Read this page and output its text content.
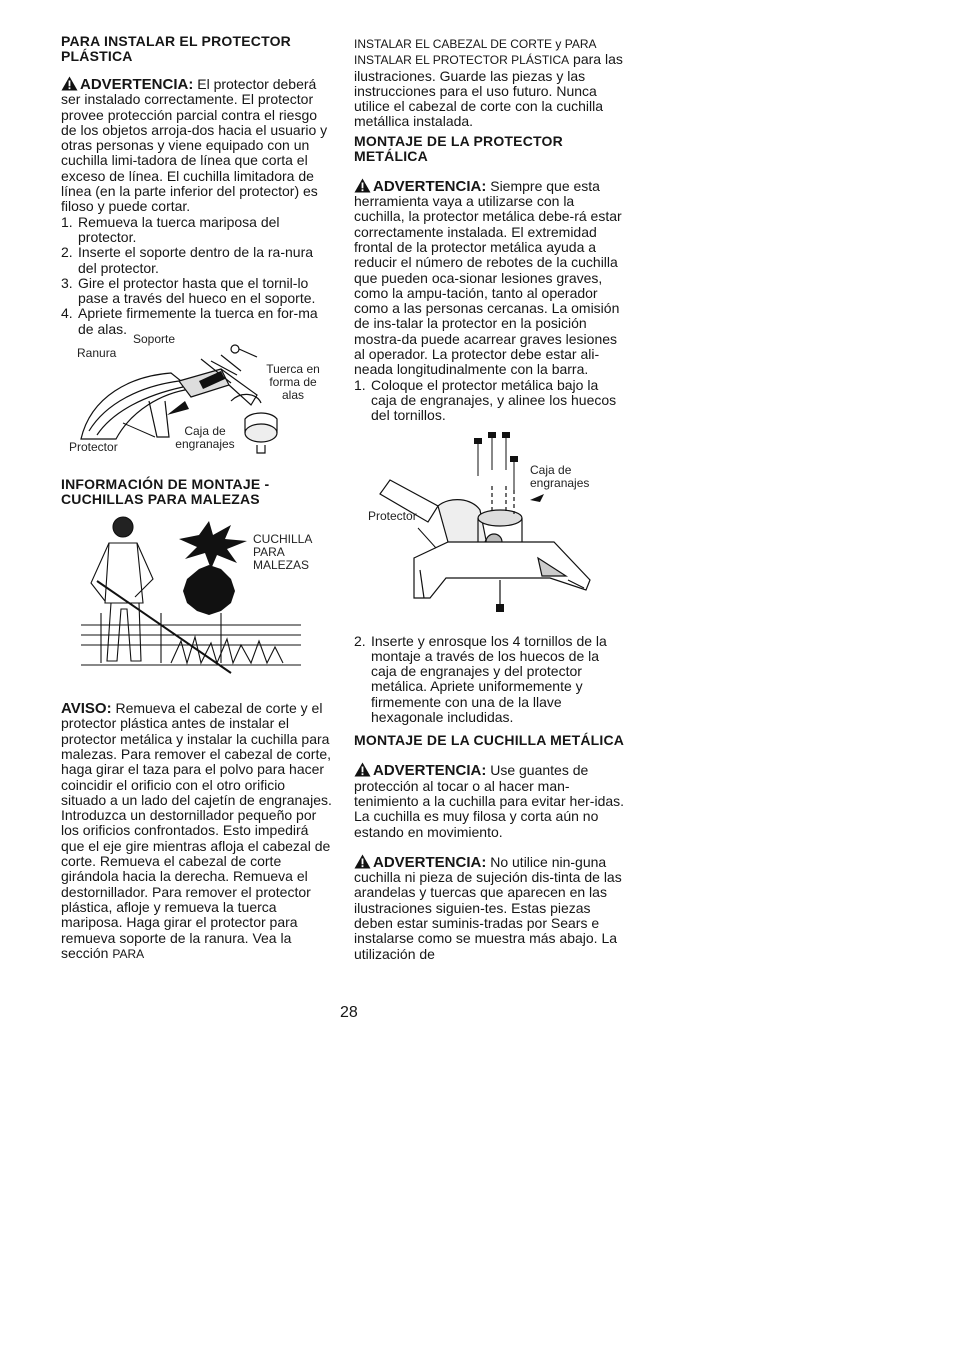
PARA INSTALAR EL PROTECTOR PLÁSTICA

ADVERTENCIA: El protector deberá ser instalado correctamente. El protector provee protección parcial contra el riesgo de los objetos arroja-dos hacia el usuario y otras personas y viene equipado con un cuchilla limi-tadora de línea que corta el exceso de línea. El cuchilla limitadora de línea (en la parte inferior del protector) es filoso y puede cortar.

1. Remueva la tuerca mariposa del protector.
2. Inserte el soporte dentro de la ra-nura del protector.
3. Gire el protector hasta que el tornil-lo pase a través del hueco en el soporte.
4. Apriete firmemente la tuerca en for-ma de alas.
Soporte
Ranura
Tuerca en forma de alas
Caja de engranajes
Protector
INFORMACIÓN DE MONTAJE - CUCHILLAS PARA MALEZAS
CUCHILLA PARA MALEZAS

AVISO: Remueva el cabezal de corte y el protector plástica antes de instalar el protector metálica y instalar la cuchilla para malezas. Para remover el cabezal de corte, haga girar el taza para el polvo para hacer coincidir el orificio con el otro orificio situado a un lado del cajetín de engranajes. Introduzca un destornillador pequeño por los orificios confrontados. Esto impedirá que el eje gire mientras afloja el cabezal de corte. Remueva el cabezal de corte girándola hacia la derecha. Remueva el destornillador. Para remover el protector plástica, afloje y remueva la tuerca mariposa. Haga girar el protector para remueva soporte de la ranura. Vea la sección PARA

INSTALAR EL CABEZAL DE CORTE y PARA INSTALAR EL PROTECTOR PLÁSTICA para las ilustraciones. Guarde las piezas y las instrucciones para el uso futuro. Nunca utilice el cabezal de corte con la cuchilla metállica instalada.

MONTAJE DE LA PROTECTOR METÁLICA

ADVERTENCIA: Siempre que esta herramienta vaya a utilizarse con la cuchilla, la protector metálica debe-rá estar correctamente instalada. El extremidad frontal de la protector metálica ayuda a reducir el número de rebotes de la cuchilla que pueden oca-sionar lesiones graves, como la ampu-tación, tanto al operador como a las personas cercanas. La omisión de ins-talar la protector en la posición mostra-da puede acarrear graves lesiones al operador. La protector debe estar ali-neada longitudinalmente con la barra.

1. Coloque el protector metálica bajo la caja de engranajes, y alinee los huecos del tornillos.
Caja de engranajes
Protector
2. Inserte y enrosque los 4 tornillos de la montaje a través de los huecos de la caja de engranajes y del protector metálica. Apriete uniformemente y firmemente con una de la llave hexagonale includidas.
MONTAJE DE LA CUCHILLA METÁLICA

ADVERTENCIA: Use guantes de protección al tocar o al hacer man-tenimiento a la cuchilla para evitar her-idas. La cuchilla es muy filosa y corta aún no estando en movimiento.

ADVERTENCIA: No utilice nin-guna cuchilla ni pieza de sujeción dis-tinta de las arandelas y tuercas que aparecen en las ilustraciones siguien-tes. Estas piezas deben estar suminis-tradas por Sears e instalarse como se muestra más abajo. La utilización de

28
